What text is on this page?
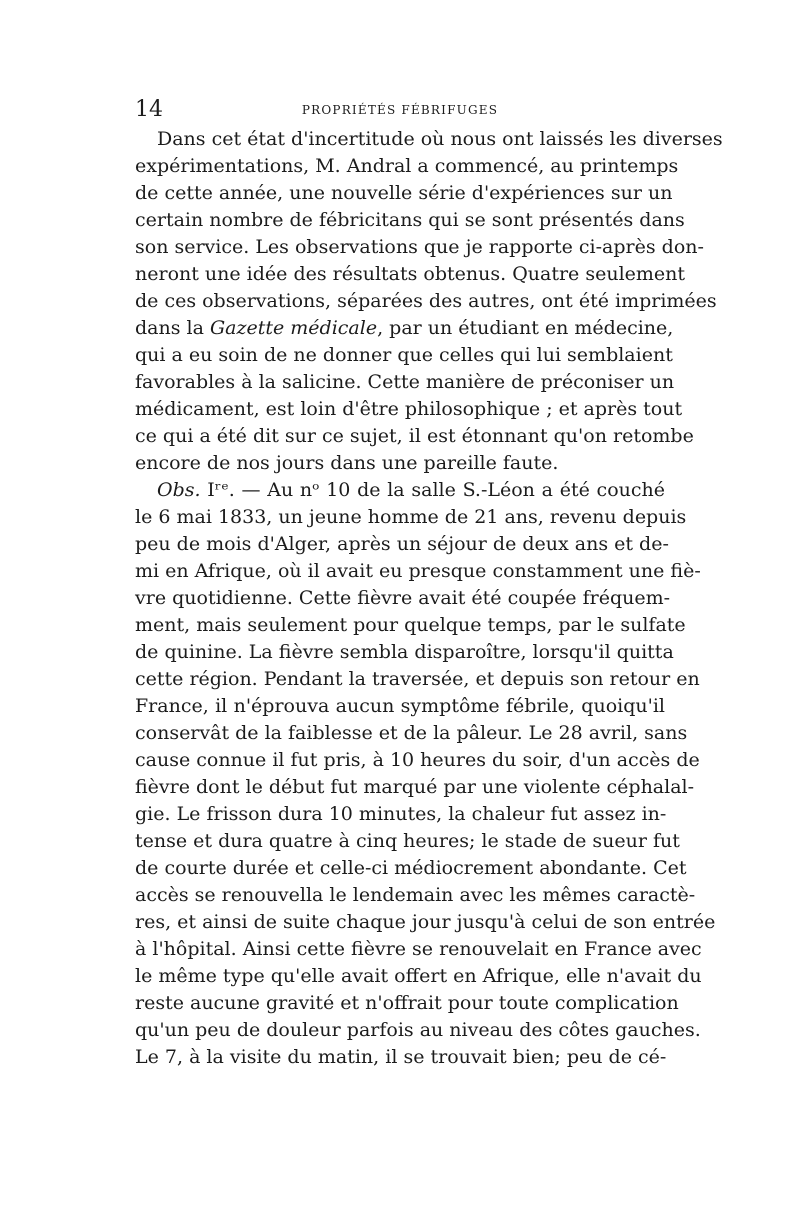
14	PROPRIÉTÉS FÉBRIFUGES
Dans cet état d'incertitude où nous ont laissés les diverses
expérimentations, M. Andral a commencé, au printemps
de cette année, une nouvelle série d'expériences sur un
certain nombre de fébricitans qui se sont présentés dans
son service. Les observations que je rapporte ci-après don-
neront une idée des résultats obtenus. Quatre seulement
de ces observations, séparées des autres, ont été imprimées
dans la Gazette médicale, par un étudiant en médecine,
qui a eu soin de ne donner que celles qui lui semblaient
favorables à la salicine. Cette manière de préconiser un
médicament, est loin d'être philosophique ; et après tout
ce qui a été dit sur ce sujet, il est étonnant qu'on retombe
encore de nos jours dans une pareille faute.
Obs. Iʳᵉ. — Au nᵒ 10 de la salle S.-Léon a été couché
le 6 mai 1833, un jeune homme de 21 ans, revenu depuis
peu de mois d'Alger, après un séjour de deux ans et de-
mi en Afrique, où il avait eu presque constamment une fiè-
vre quotidienne. Cette fièvre avait été coupée fréquem-
ment, mais seulement pour quelque temps, par le sulfate
de quinine. La fièvre sembla disparoître, lorsqu'il quitta
cette région. Pendant la traversée, et depuis son retour en
France, il n'éprouva aucun symptôme fébrile, quoiqu'il
conservât de la faiblesse et de la pâleur. Le 28 avril, sans
cause connue il fut pris, à 10 heures du soir, d'un accès de
fièvre dont le début fut marqué par une violente céphalal-
gie. Le frisson dura 10 minutes, la chaleur fut assez in-
tense et dura quatre à cinq heures; le stade de sueur fut
de courte durée et celle-ci médiocrement abondante. Cet
accès se renouvella le lendemain avec les mêmes caractè-
res, et ainsi de suite chaque jour jusqu'à celui de son entrée
à l'hôpital. Ainsi cette fièvre se renouvelait en France avec
le même type qu'elle avait offert en Afrique, elle n'avait du
reste aucune gravité et n'offrait pour toute complication
qu'un peu de douleur parfois au niveau des côtes gauches.
Le 7, à la visite du matin, il se trouvait bien; peu de cé-
